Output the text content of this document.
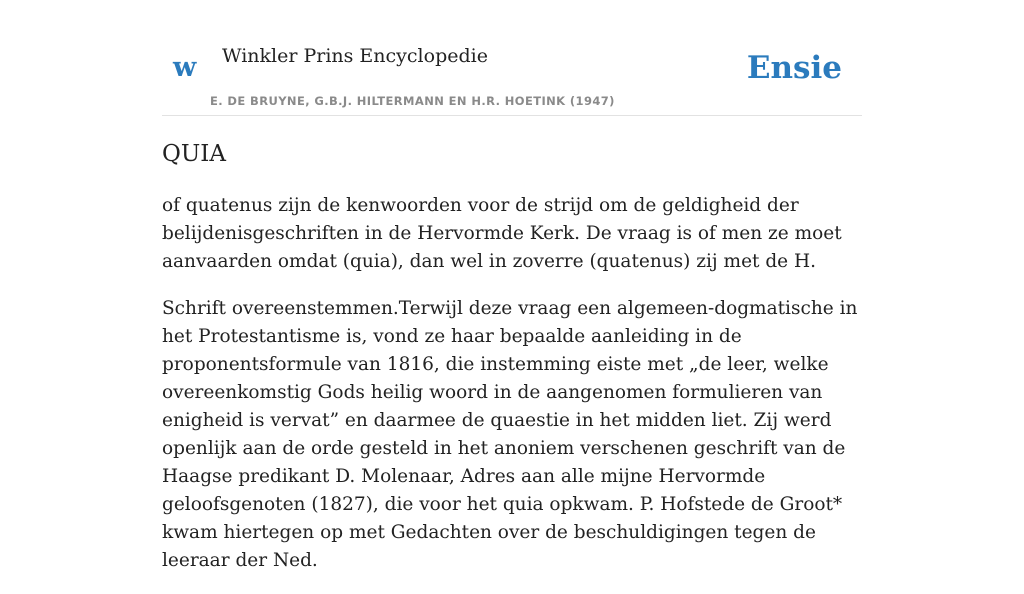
w Winkler Prins Encyclopedie
E. DE BRUYNE, G.B.J. HILTERMANN EN H.R. HOETINK (1947)
Ensie
QUIA

of quatenus zijn de kenwoorden voor de strijd om de geldigheid der belijdenisgeschriften in de Hervormde Kerk. De vraag is of men ze moet aanvaarden omdat (quia), dan wel in zoverre (quatenus) zij met de H.

Schrift overeenstemmen.Terwijl deze vraag een algemeen-dogmatische in het Protestantisme is, vond ze haar bepaalde aanleiding in de proponentsformule van 1816, die instemming eiste met „de leer, welke overeenkomstig Gods heilig woord in de aangenomen formulieren van enigheid is vervat” en daarmee de quaestie in het midden liet. Zij werd openlijk aan de orde gesteld in het anoniem verschenen geschrift van de Haagse predikant D. Molenaar, Adres aan alle mijne Hervormde geloofsgenoten (1827), die voor het quia opkwam. P. Hofstede de Groot* kwam hiertegen op met Gedachten over de beschuldigingen tegen de leeraar der Ned.
